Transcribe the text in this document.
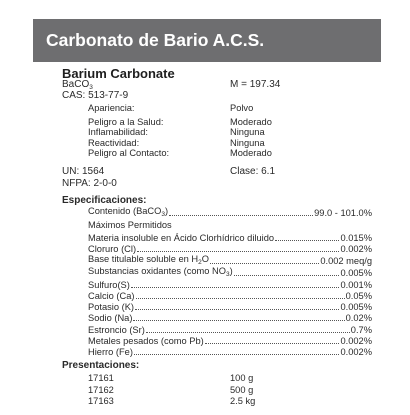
Carbonato de Bario A.C.S.
Barium Carbonate
BaCO$_3$	M = 197.34
CAS: 513-77-9
Apariencia:	Polvo
Peligro a la Salud:	Moderado
Inflamabilidad:	Ninguna
Reactividad:	Ninguna
Peligro al Contacto:	Moderado
UN: 1564	Clase: 6.1
NFPA: 2-0-0
Especificaciones:
Contenido (BaCO$_3$)	99.0 - 101.0%
Máximos Permitidos
Materia insoluble en Ácido Clorhídrico diluido	0.015%
Cloruro (Cl)	0.002%
Base titulable soluble en $H_2O$	0.002 meq/g
Substancias oxidantes (como $NO_3$)	0.005%
Sulfuro(S)	0.001%
Calcio (Ca)	0.05%
Potasio (K)	0.005%
Sodio (Na)	0.02%
Estroncio (Sr)	0.7%
Metales pesados (como Pb)	0.002%
Hierro (Fe)	0.002%
Presentaciones:
17161	100 g
17162	500 g
17163	2.5 kg
